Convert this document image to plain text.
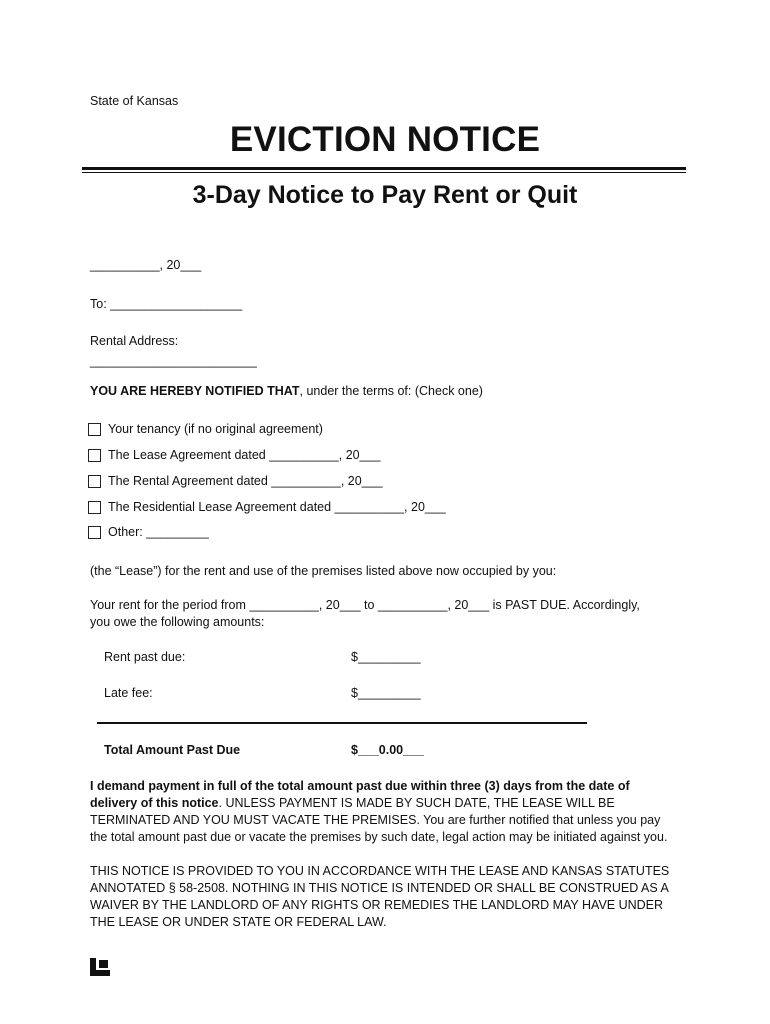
State of Kansas
EVICTION NOTICE
3-Day Notice to Pay Rent or Quit
__________, 20___
To: ___________________
Rental Address:
________________________
YOU ARE HEREBY NOTIFIED THAT, under the terms of: (Check one)
Your tenancy (if no original agreement)
The Lease Agreement dated __________, 20___
The Rental Agreement dated __________, 20___
The Residential Lease Agreement dated __________, 20___
Other: _________
(the “Lease”) for the rent and use of the premises listed above now occupied by you:
Your rent for the period from __________, 20___ to __________, 20___ is PAST DUE. Accordingly,
you owe the following amounts:
Rent past due:	$_________
Late fee:	$_________
Total Amount Past Due	$___0.00___
I demand payment in full of the total amount past due within three (3) days from the date of delivery of this notice. UNLESS PAYMENT IS MADE BY SUCH DATE, THE LEASE WILL BE TERMINATED AND YOU MUST VACATE THE PREMISES. You are further notified that unless you pay the total amount past due or vacate the premises by such date, legal action may be initiated against you.
THIS NOTICE IS PROVIDED TO YOU IN ACCORDANCE WITH THE LEASE AND KANSAS STATUTES ANNOTATED § 58-2508. NOTHING IN THIS NOTICE IS INTENDED OR SHALL BE CONSTRUED AS A WAIVER BY THE LANDLORD OF ANY RIGHTS OR REMEDIES THE LANDLORD MAY HAVE UNDER THE LEASE OR UNDER STATE OR FEDERAL LAW.
